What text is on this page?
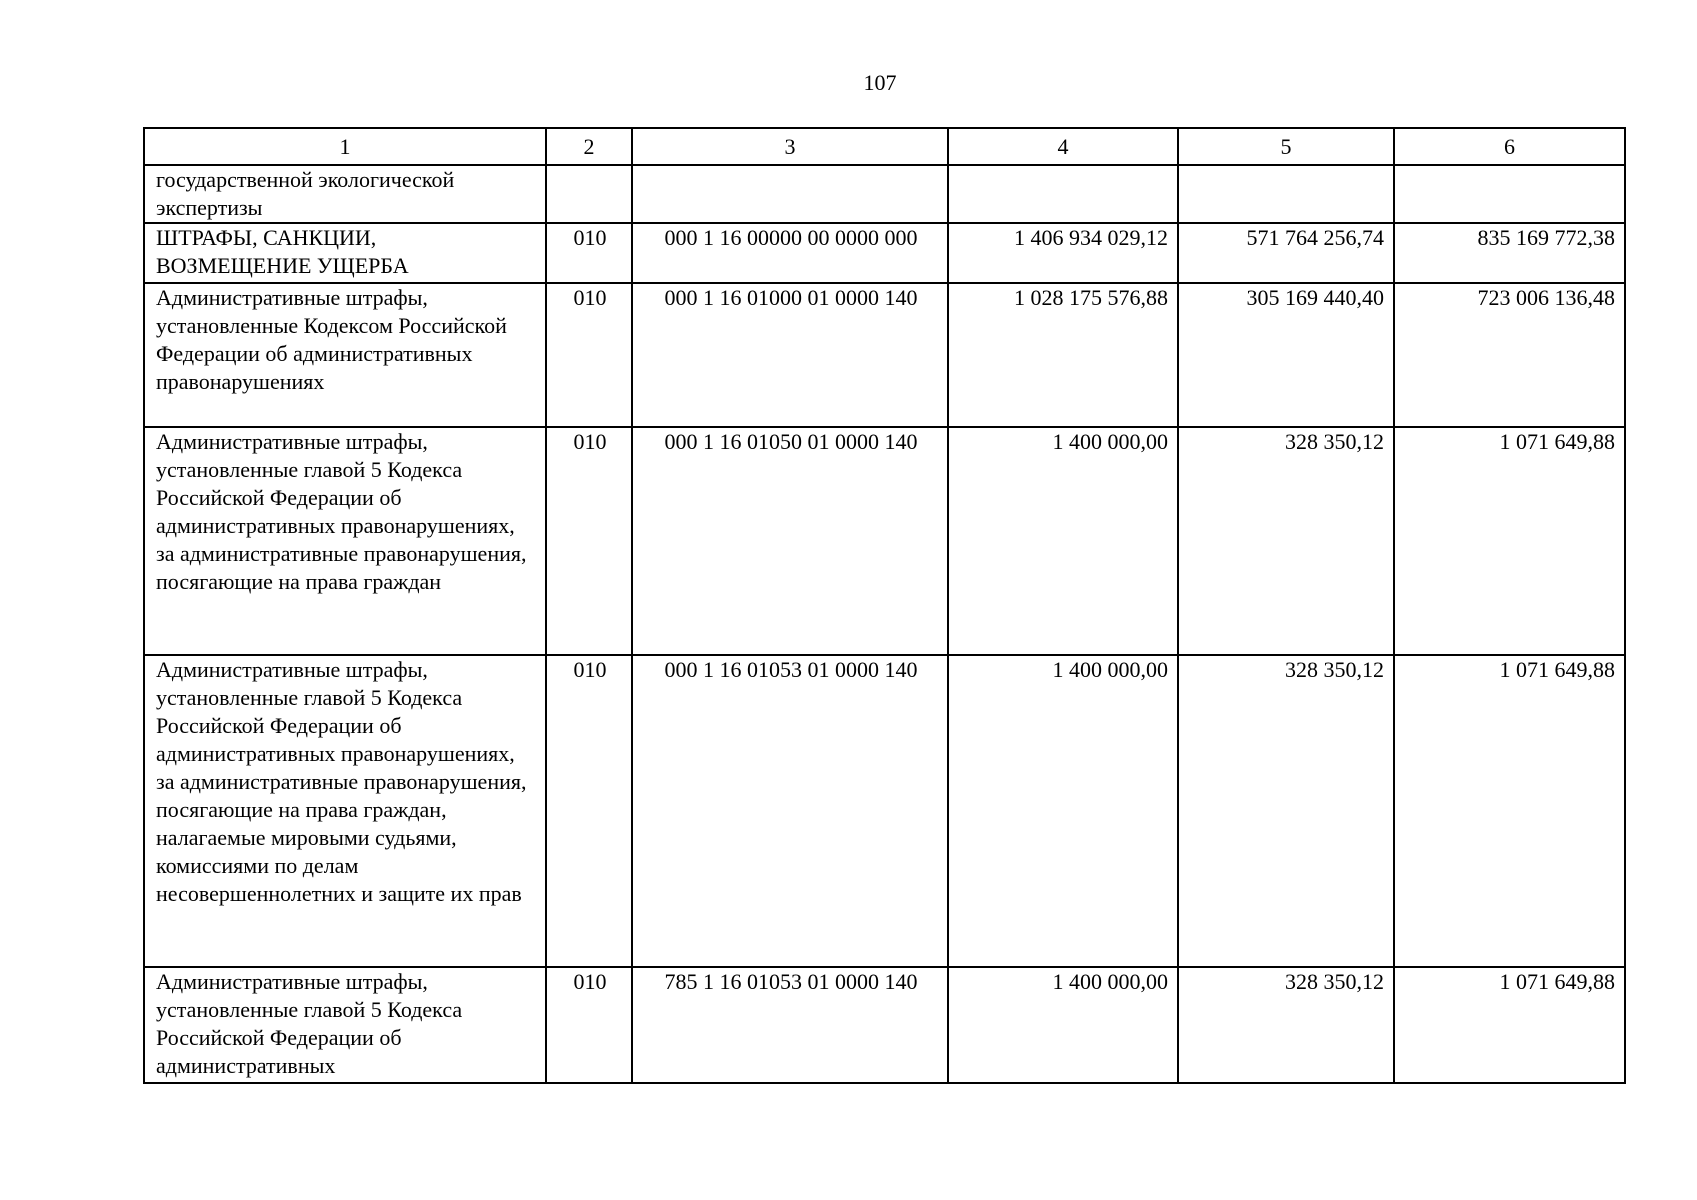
107
1	2	3	4	5	6
государственной экологической экспертизы					
ШТРАФЫ, САНКЦИИ, ВОЗМЕЩЕНИЕ УЩЕРБА	010	000 1 16 00000 00 0000 000	1 406 934 029,12	571 764 256,74	835 169 772,38
Административные штрафы, установленные Кодексом Российской Федерации об административных правонарушениях	010	000 1 16 01000 01 0000 140	1 028 175 576,88	305 169 440,40	723 006 136,48
Административные штрафы, установленные главой 5 Кодекса Российской Федерации об административных правонарушениях, за административные правонарушения, посягающие на права граждан	010	000 1 16 01050 01 0000 140	1 400 000,00	328 350,12	1 071 649,88
Административные штрафы, установленные главой 5 Кодекса Российской Федерации об административных правонарушениях, за административные правонарушения, посягающие на права граждан, налагаемые мировыми судьями, комиссиями по делам несовершеннолетних и защите их прав	010	000 1 16 01053 01 0000 140	1 400 000,00	328 350,12	1 071 649,88
Административные штрафы, установленные главой 5 Кодекса Российской Федерации об административных	010	785 1 16 01053 01 0000 140	1 400 000,00	328 350,12	1 071 649,88
